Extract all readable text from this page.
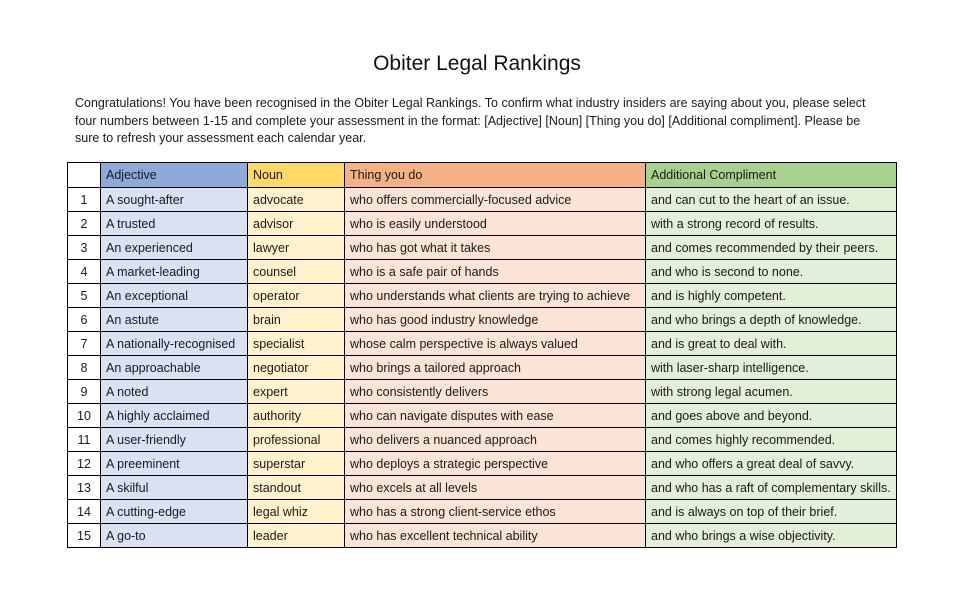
Obiter Legal Rankings
Congratulations! You have been recognised in the Obiter Legal Rankings. To confirm what industry insiders are saying about you, please select four numbers between 1-15 and complete your assessment in the format: [Adjective] [Noun] [Thing you do] [Additional compliment]. Please be sure to refresh your assessment each calendar year.
	Adjective	Noun	Thing you do	Additional Compliment
1	A sought-after	advocate	who offers commercially-focused advice	and can cut to the heart of an issue.
2	A trusted	advisor	who is easily understood	with a strong record of results.
3	An experienced	lawyer	who has got what it takes	and comes recommended by their peers.
4	A market-leading	counsel	who is a safe pair of hands	and who is second to none.
5	An exceptional	operator	who understands what clients are trying to achieve	and is highly competent.
6	An astute	brain	who has good industry knowledge	and who brings a depth of knowledge.
7	A nationally-recognised	specialist	whose calm perspective is always valued	and is great to deal with.
8	An approachable	negotiator	who brings a tailored approach	with laser-sharp intelligence.
9	A noted	expert	who consistently delivers	with strong legal acumen.
10	A highly acclaimed	authority	who can navigate disputes with ease	and goes above and beyond.
11	A user-friendly	professional	who delivers a nuanced approach	and comes highly recommended.
12	A preeminent	superstar	who deploys a strategic perspective	and who offers a great deal of savvy.
13	A skilful	standout	who excels at all levels	and who has a raft of complementary skills.
14	A cutting-edge	legal whiz	who has a strong client-service ethos	and is always on top of their brief.
15	A go-to	leader	who has excellent technical ability	and who brings a wise objectivity.
